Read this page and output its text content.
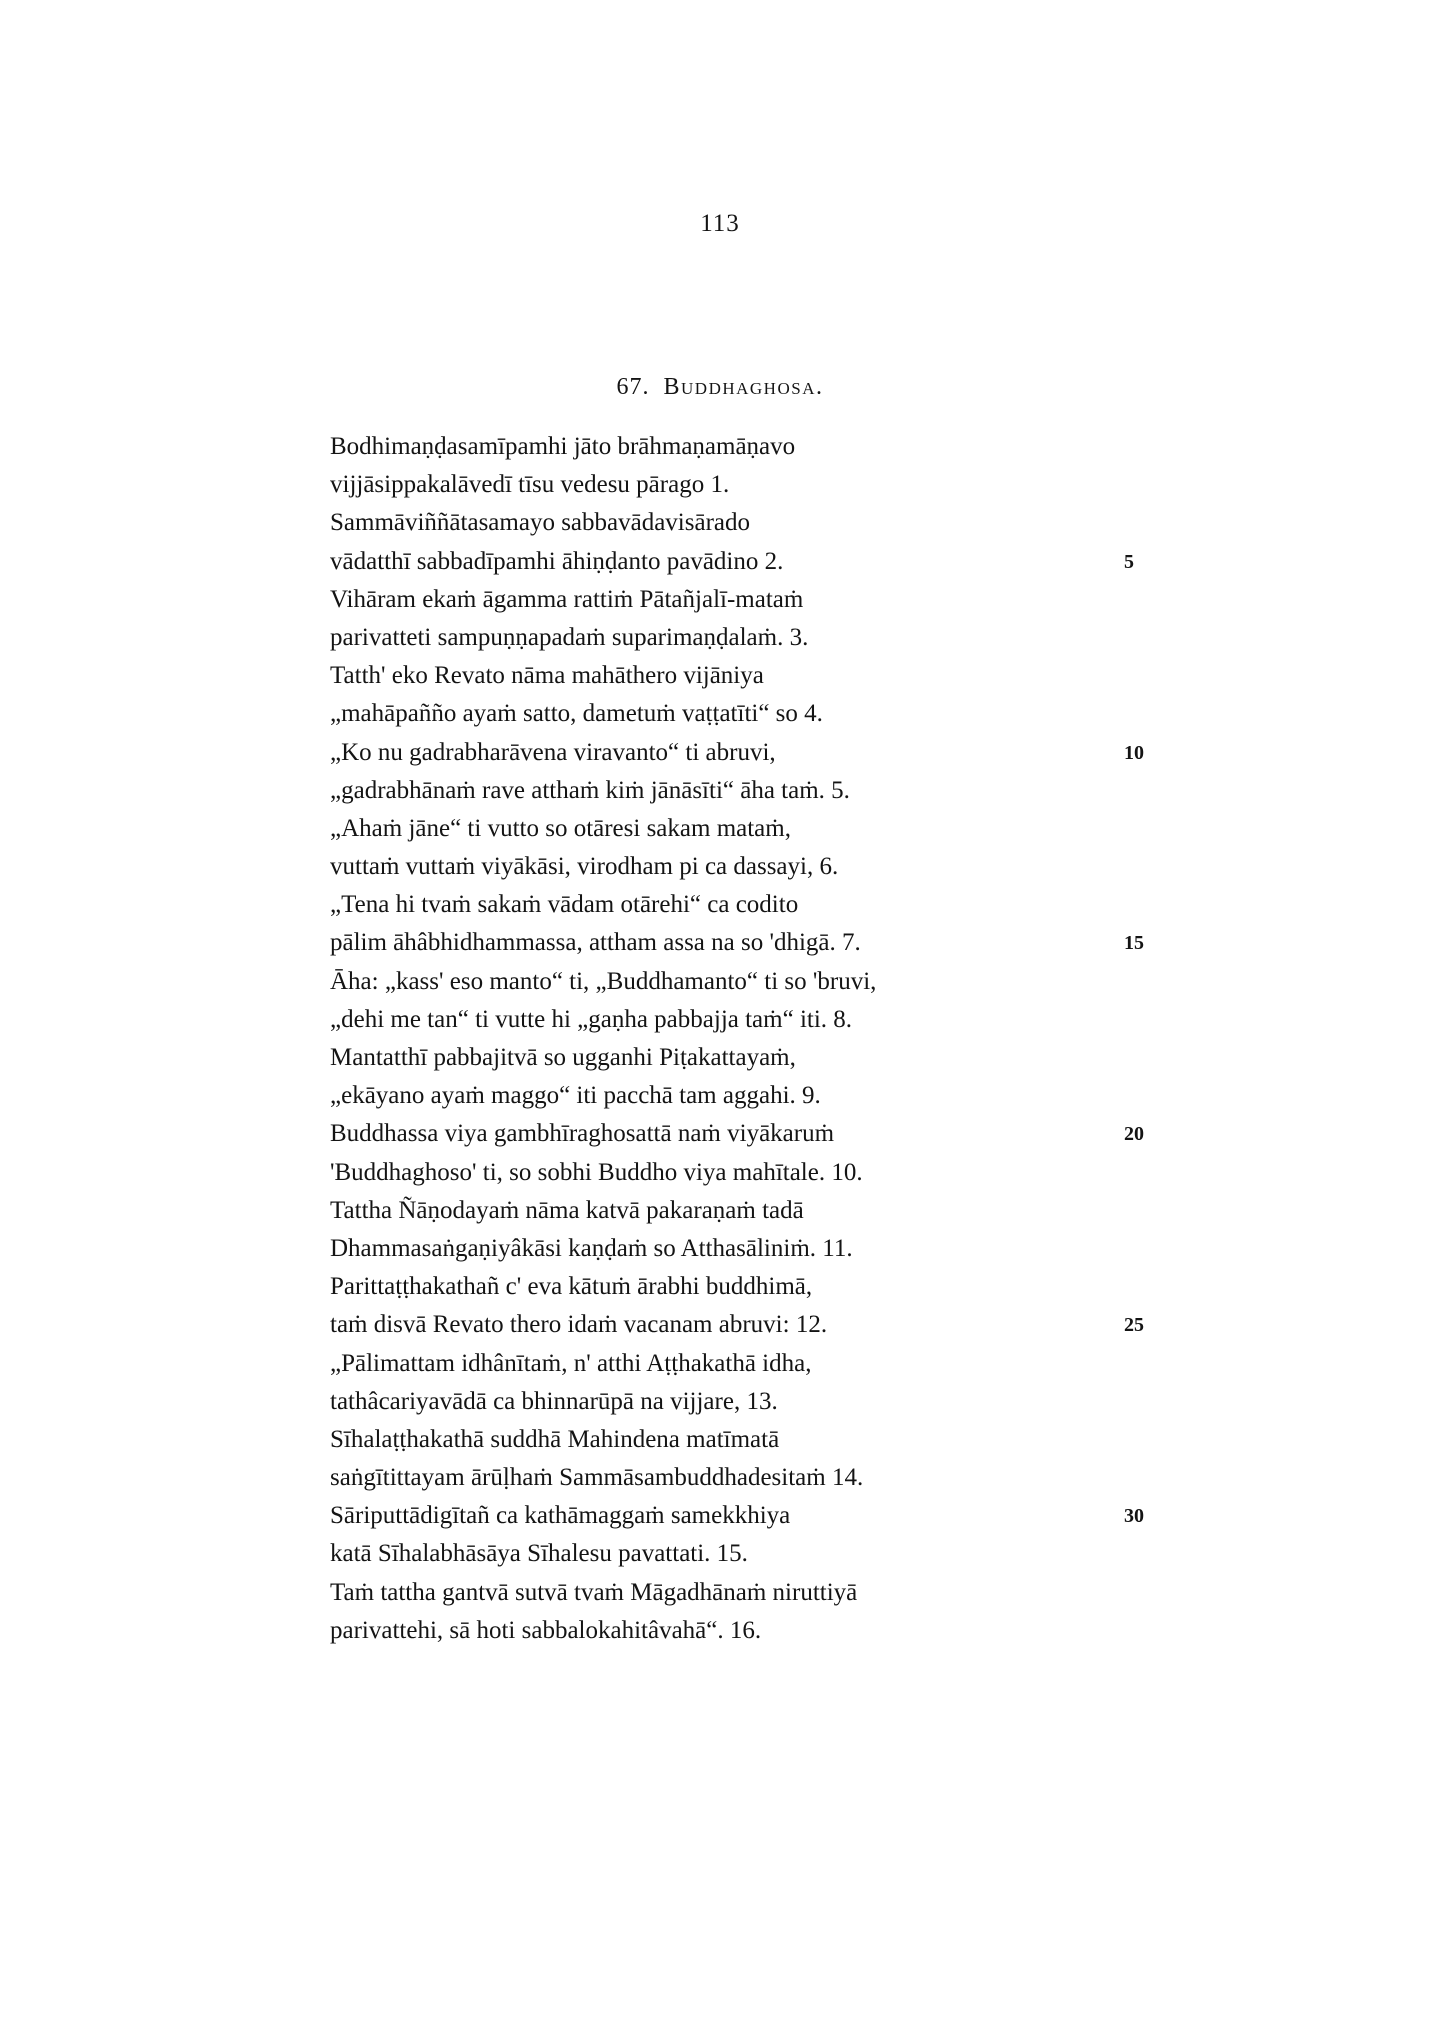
113
67. Buddhaghosa.
Bodhimaṇḍasamīpamhi jāto brāhmaṇamāṇavo
vijjāsippakalāvedī tīsu vedesu pārago 1.
Sammāviññātasamayo sabbavādavisārado
vādatthī sabbadīpamhi āhiṇḍanto pavādino 2.	5
Vihāram ekaṁ āgamma rattiṁ Pātañjalī-mataṁ
parivatteti sampuṇṇapadaṁ suparimaṇḍalaṁ. 3.
Tatth' eko Revato nāma mahāthero vijāniya
„mahāpañño ayaṁ satto, dametuṁ vaṭṭatīti“ so 4.
„Ko nu gadrabharāvena viravanto“ ti abruvi,	10
„gadrabhānaṁ rave atthaṁ kiṁ jānāsīti“ āha taṁ. 5.
„Ahaṁ jāne“ ti vutto so otāresi sakam mataṁ,
vuttaṁ vuttaṁ viyākāsi, virodham pi ca dassayi, 6.
„Tena hi tvaṁ sakaṁ vādam otārehi“ ca codito
pālim āhâbhidhammassa, attham assa na so 'dhigā. 7.	15
Āha: „kass' eso manto“ ti, „Buddhamanto“ ti so 'bruvi,
„dehi me tan“ ti vutte hi „gaṇha pabbajja taṁ“ iti. 8.
Mantatthī pabbajitvā so ugganhi Piṭakattayaṁ,
„ekāyano ayaṁ maggo“ iti pacchā tam aggahi. 9.
Buddhassa viya gambhīraghosattā naṁ viyākaruṁ	20
'Buddhaghoso' ti, so sobhi Buddho viya mahītale. 10.
Tattha Ñāṇodayaṁ nāma katvā pakaraṇaṁ tadā
Dhammasaṅgaṇiyâkāsi kaṇḍaṁ so Atthasāliniṁ. 11.
Parittaṭṭhakathañ c' eva kātuṁ ārabhi buddhimā,
taṁ disvā Revato thero idaṁ vacanam abruvi: 12.	25
„Pālimattam idhânītaṁ, n' atthi Aṭṭhakathā idha,
tathâcariyavādā ca bhinnarūpā na vijjare, 13.
Sīhalaṭṭhakathā suddhā Mahindena matīmatā
saṅgītittayam ārūḷhaṁ Sammāsambuddhadesitaṁ 14.
Sāriputtādigītañ ca kathāmaggaṁ samekkhiya	30
katā Sīhalabhāsāya Sīhalesu pavattati. 15.
Taṁ tattha gantvā sutvā tvaṁ Māgadhānaṁ niruttiyā
parivattehi, sā hoti sabbalokahitâvahā“. 16.
